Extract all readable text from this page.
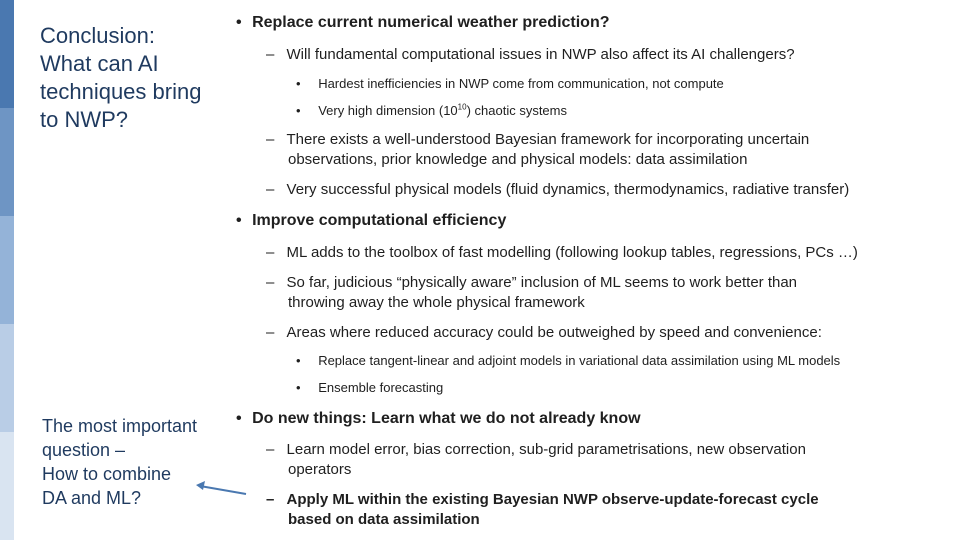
Conclusion:
What can AI
techniques bring
to NWP?
The most important
question –
How to combine
DA and ML?
• Replace current numerical weather prediction?
– Will fundamental computational issues in NWP also affect its AI challengers?
• Hardest inefficiencies in NWP come from communication, not compute
• Very high dimension $(10^{10})$ chaotic systems
– There exists a well-understood Bayesian framework for incorporating uncertain
observations, prior knowledge and physical models: data assimilation
– Very successful physical models (fluid dynamics, thermodynamics, radiative transfer)
• Improve computational efficiency
– ML adds to the toolbox of fast modelling (following lookup tables, regressions, PCs …)
– So far, judicious “physically aware” inclusion of ML seems to work better than
throwing away the whole physical framework
– Areas where reduced accuracy could be outweighed by speed and convenience:
• Replace tangent-linear and adjoint models in variational data assimilation using ML models
• Ensemble forecasting
• Do new things: Learn what we do not already know
– Learn model error, bias correction, sub-grid parametrisations, new observation
operators
– Apply ML within the existing Bayesian NWP observe-update-forecast cycle
based on data assimilation
